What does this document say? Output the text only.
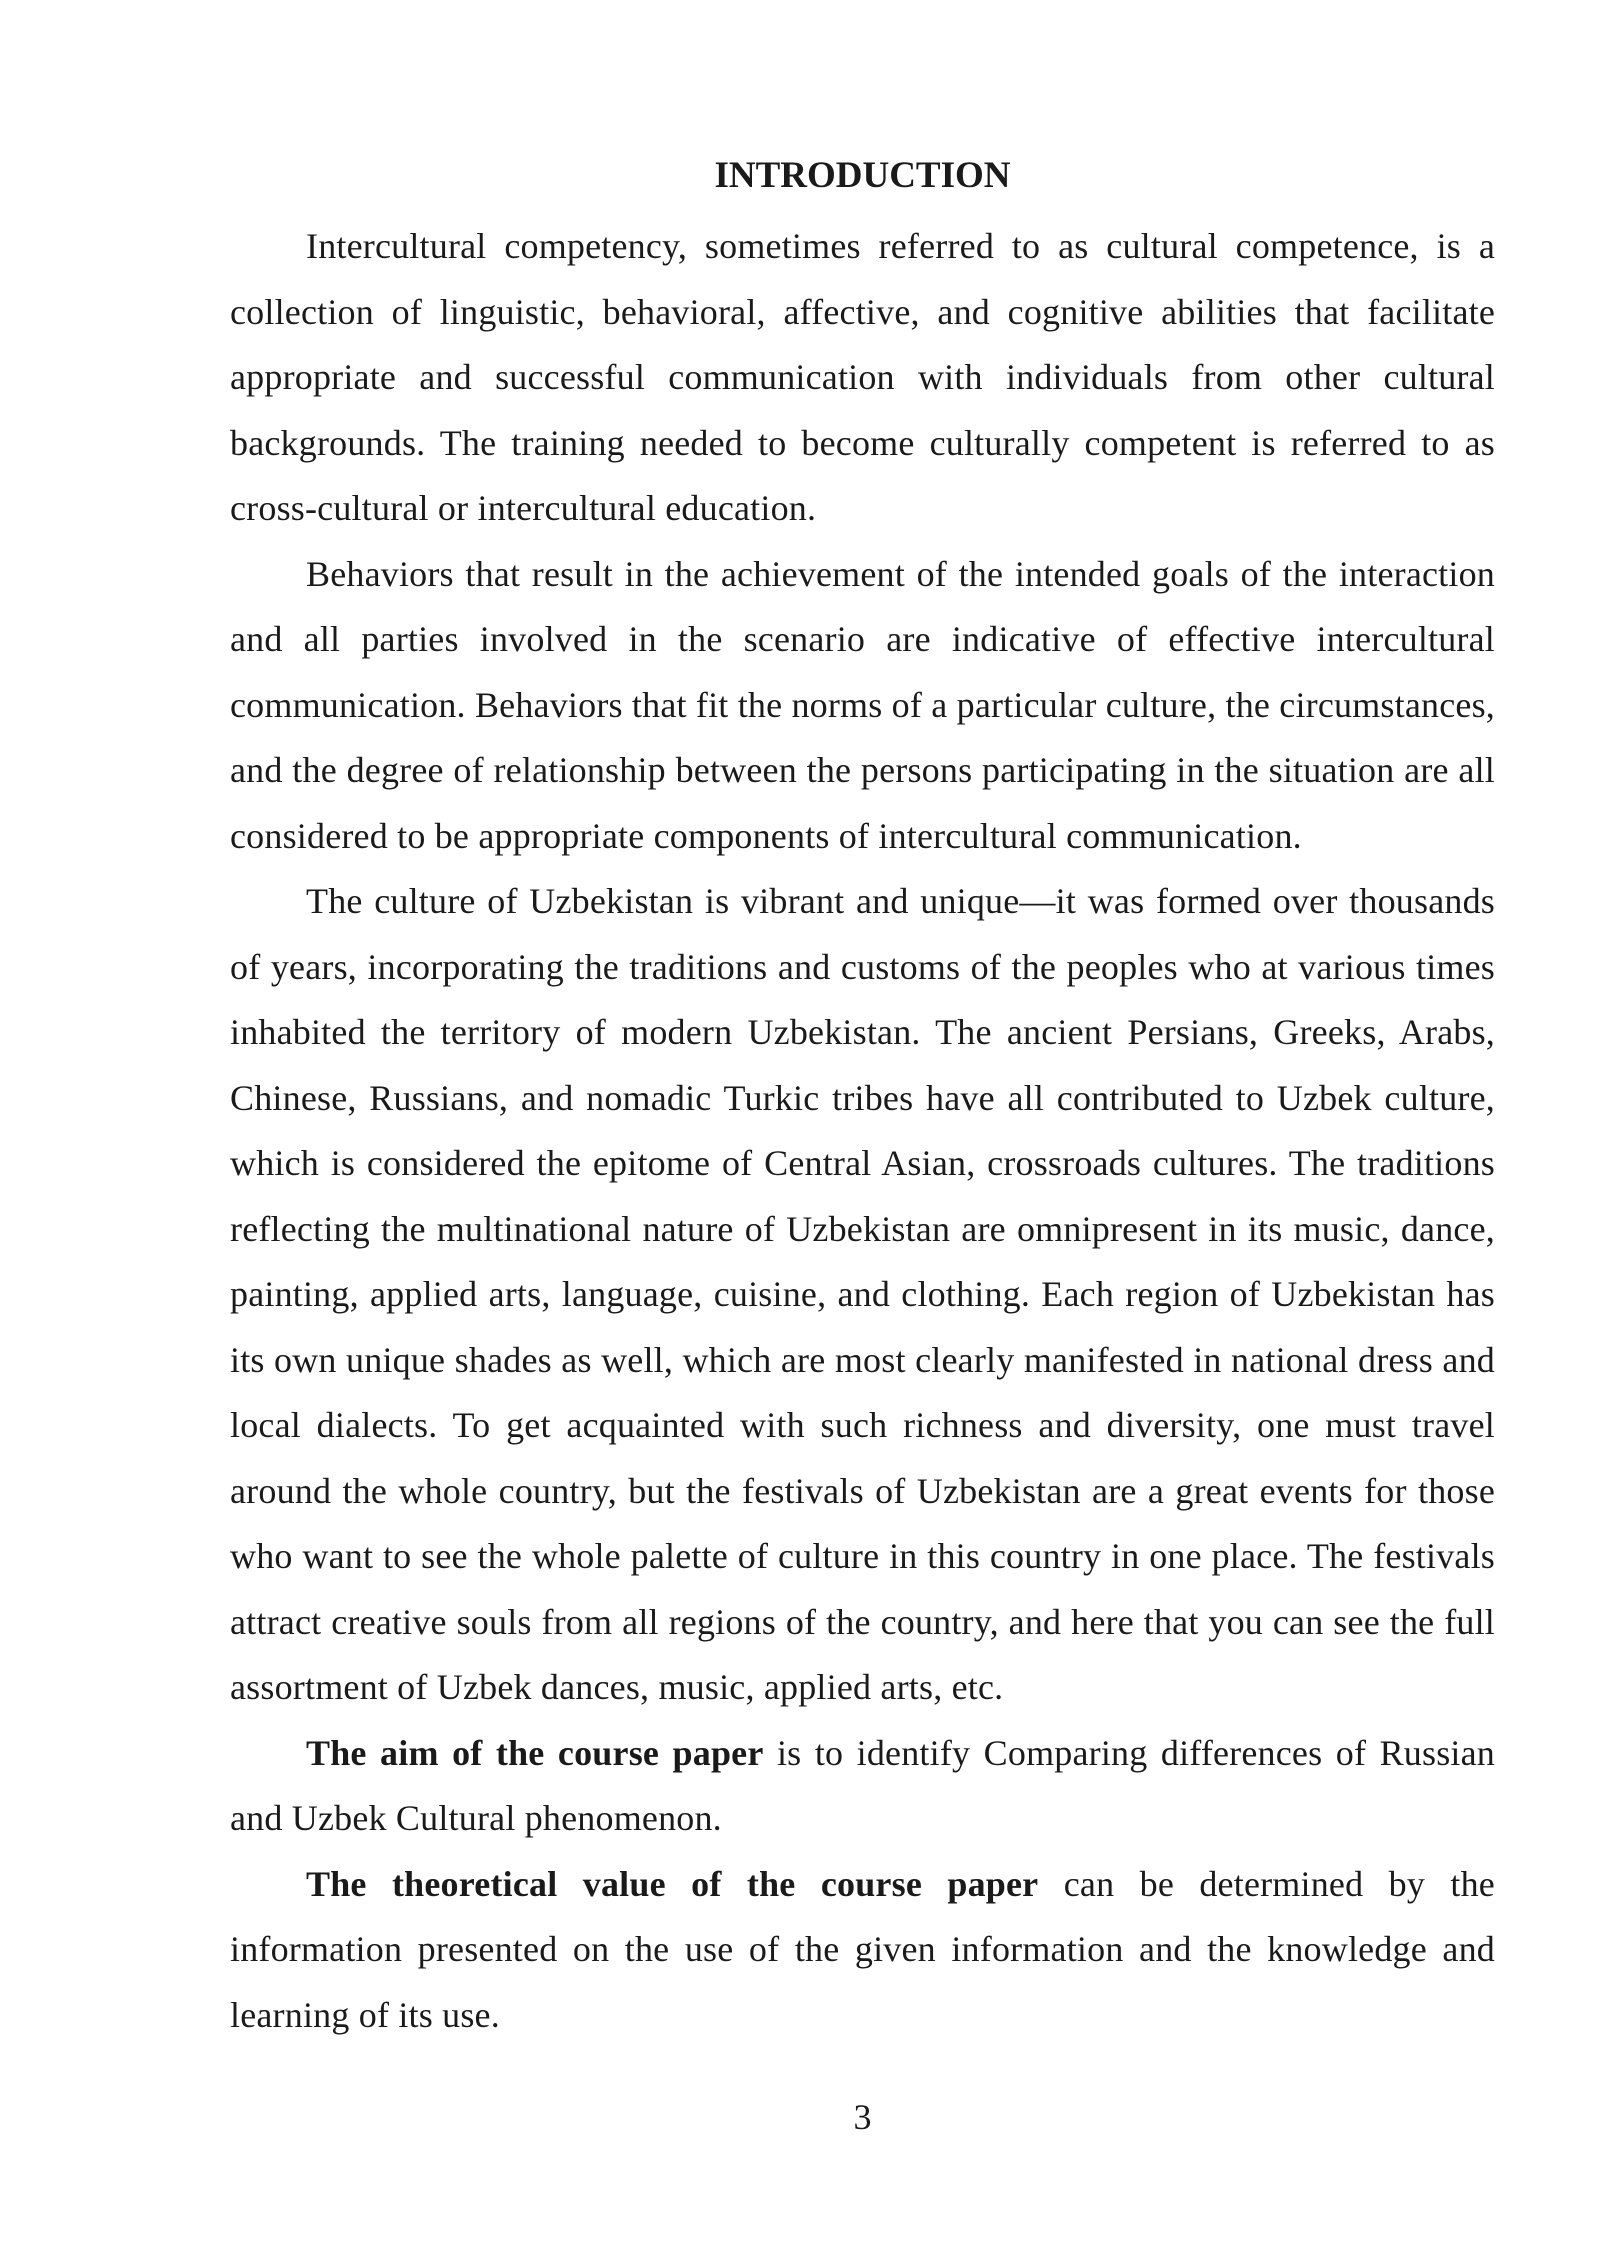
INTRODUCTION

Intercultural competency, sometimes referred to as cultural competence, is a collection of linguistic, behavioral, affective, and cognitive abilities that facilitate appropriate and successful communication with individuals from other cultural backgrounds. The training needed to become culturally competent is referred to as cross-cultural or intercultural education.

Behaviors that result in the achievement of the intended goals of the interaction and all parties involved in the scenario are indicative of effective intercultural communication. Behaviors that fit the norms of a particular culture, the circumstances, and the degree of relationship between the persons participating in the situation are all considered to be appropriate components of intercultural communication.

The culture of Uzbekistan is vibrant and unique—it was formed over thousands of years, incorporating the traditions and customs of the peoples who at various times inhabited the territory of modern Uzbekistan. The ancient Persians, Greeks, Arabs, Chinese, Russians, and nomadic Turkic tribes have all contributed to Uzbek culture, which is considered the epitome of Central Asian, crossroads cultures. The traditions reflecting the multinational nature of Uzbekistan are omnipresent in its music, dance, painting, applied arts, language, cuisine, and clothing. Each region of Uzbekistan has its own unique shades as well, which are most clearly manifested in national dress and local dialects. To get acquainted with such richness and diversity, one must travel around the whole country, but the festivals of Uzbekistan are a great events for those who want to see the whole palette of culture in this country in one place. The festivals attract creative souls from all regions of the country, and here that you can see the full assortment of Uzbek dances, music, applied arts, etc.

The aim of the course paper is to identify Comparing differences of Russian and Uzbek Cultural phenomenon.

The theoretical value of the course paper can be determined by the information presented on the use of the given information and the knowledge and learning of its use.

3
